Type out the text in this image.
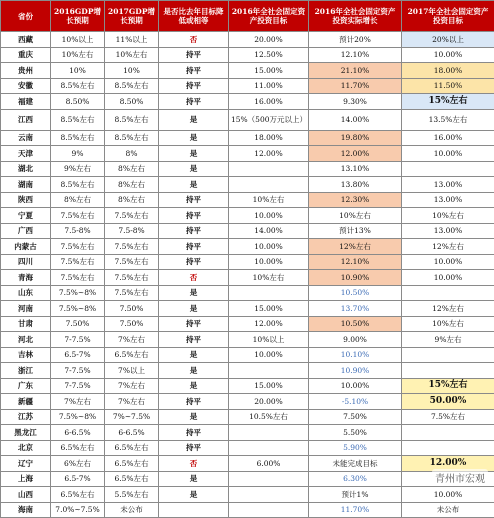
省份	2016GDP增长预期	2017GDP增长预期	是否比去年目标降低或相等	2016年全社会固定资产投资目标	2016年全社会固定资产投资实际增长	2017年全社会固定资产投资目标
西藏	10%以上	11%以上	否	20.00%	预计20%	20%以上
重庆	10%左右	10%左右	持平	12.50%	12.10%	10.00%
贵州	10%	10%	持平	15.00%	21.10%	18.00%
安徽	8.5%左右	8.5%左右	持平	11.00%	11.70%	11.50%
福建	8.50%	8.50%	持平	16.00%	9.30%	15%左右
江西	8.5%左右	8.5%左右	是	15%（500万元以上）	14.00%	13.5%左右
云南	8.5%左右	8.5%左右	是	18.00%	19.80%	16.00%
天津	9%	8%	是	12.00%	12.00%	10.00%
湖北	9%左右	8%左右	是		13.10%	
湖南	8.5%左右	8%左右	是		13.80%	13.00%
陕西	8%左右	8%左右	持平	10%左右	12.30%	13.00%
宁夏	7.5%左右	7.5%左右	持平	10.00%	10%左右	10%左右
广西	7.5-8%	7.5-8%	持平	14.00%	预计13%	13.00%
内蒙古	7.5%左右	7.5%左右	持平	10.00%	12%左右	12%左右
四川	7.5%左右	7.5%左右	持平	10.00%	12.10%	10.00%
青海	7.5%左右	7.5%左右	否	10%左右	10.90%	10.00%
山东	7.5%~8%	7.5%左右	是		10.50%	
河南	7.5%~8%	7.50%	是	15.00%	13.70%	12%左右
甘肃	7.50%	7.50%	持平	12.00%	10.50%	10%左右
河北	7-7.5%	7%左右	持平	10%以上	9.00%	9%左右
吉林	6.5-7%	6.5%左右	是	10.00%	10.10%	
浙江	7-7.5%	7%以上	是		10.90%	
广东	7-7.5%	7%左右	是	15.00%	10.00%	15%左右
新疆	7%左右	7%左右	持平	20.00%	-5.10%	50.00%
江苏	7.5%~8%	7%~7.5%	是	10.5%左右	7.50%	7.5%左右
黑龙江	6-6.5%	6-6.5%	持平		5.50%	
北京	6.5%左右	6.5%左右	持平		5.90%	
辽宁	6%左右	6.5%左右	否	6.00%	未能完成目标	12.00%
上海	6.5-7%	6.5%左右	是		6.30%	
山西	6.5%左右	5.5%左右	是		预计1%	10.00%
海南	7.0%~7.5%	未公布			11.70%	未公布
青州市宏观
